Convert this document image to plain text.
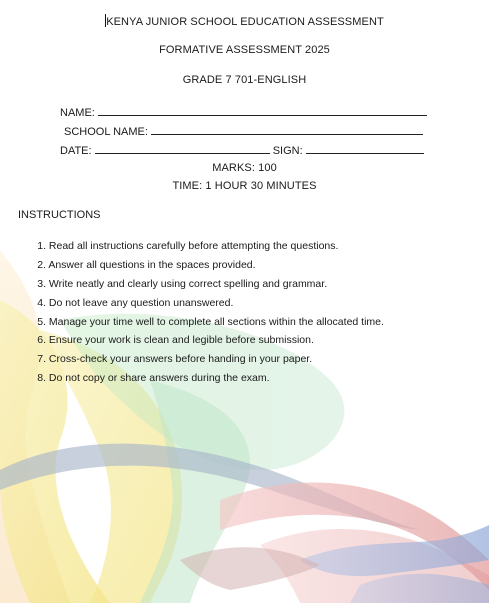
KENYA JUNIOR SCHOOL EDUCATION ASSESSMENT
FORMATIVE ASSESSMENT 2025
GRADE 7 701-ENGLISH
NAME:
SCHOOL NAME:
DATE:	SIGN:
MARKS: 100
TIME: 1 HOUR 30 MINUTES
INSTRUCTIONS
1. Read all instructions carefully before attempting the questions.
2. Answer all questions in the spaces provided.
3. Write neatly and clearly using correct spelling and grammar.
4. Do not leave any question unanswered.
5. Manage your time well to complete all sections within the allocated time.
6. Ensure your work is clean and legible before submission.
7. Cross-check your answers before handing in your paper.
8. Do not copy or share answers during the exam.
